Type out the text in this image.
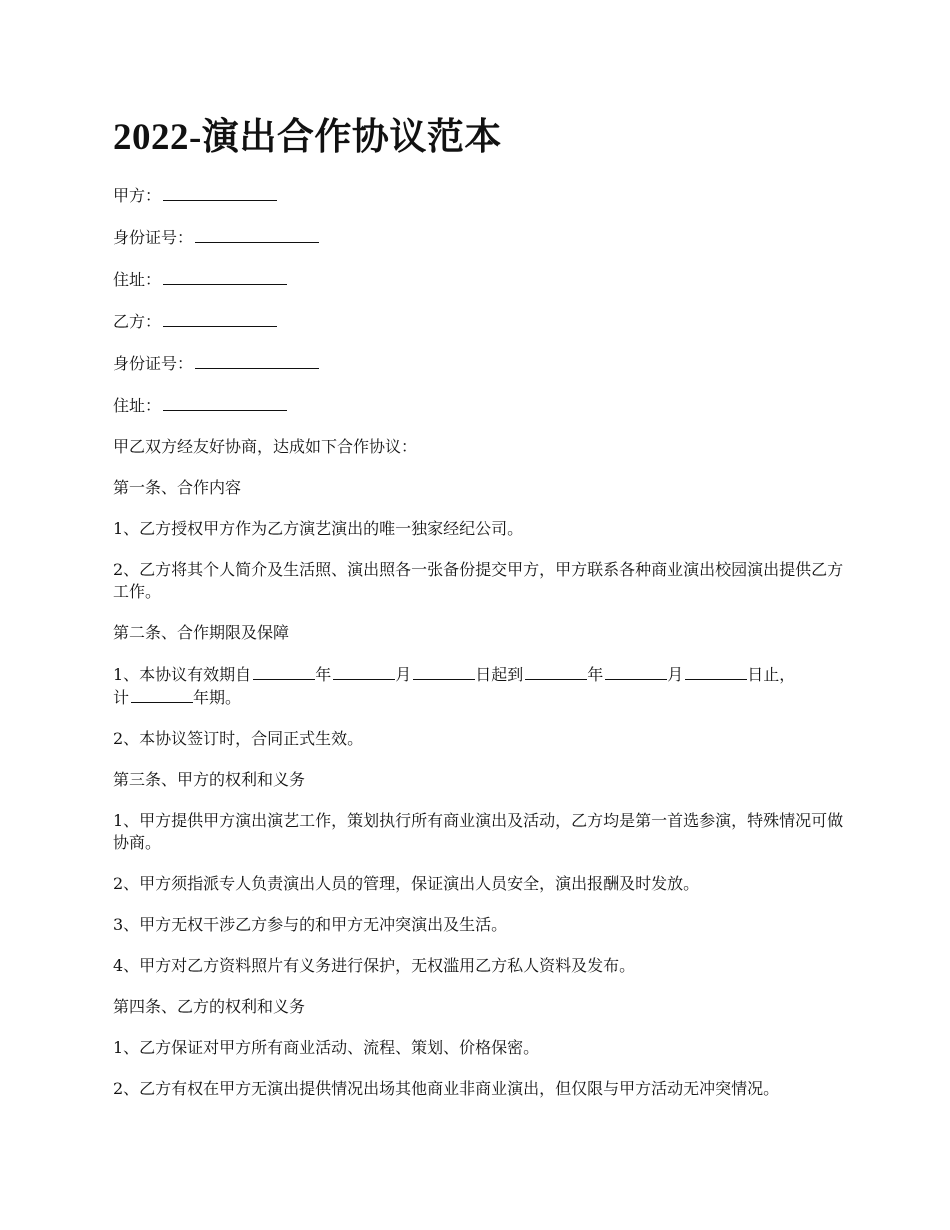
2022-演出合作协议范本
甲方：
身份证号：
住址：
乙方：
身份证号：
住址：
甲乙双方经友好协商，达成如下合作协议：
第一条、合作内容
1、乙方授权甲方作为乙方演艺演出的唯一独家经纪公司。
2、乙方将其个人简介及生活照、演出照各一张备份提交甲方，甲方联系各种商业演出校园演出提供乙方工作。
第二条、合作期限及保障
1、本协议有效期自	年	月	日起到	年	月	日止，
计	年期。
2、本协议签订时，合同正式生效。
第三条、甲方的权利和义务
1、甲方提供甲方演出演艺工作，策划执行所有商业演出及活动，乙方均是第一首选参演，特殊情况可做协商。
2、甲方须指派专人负责演出人员的管理，保证演出人员安全，演出报酬及时发放。
3、甲方无权干涉乙方参与的和甲方无冲突演出及生活。
4、甲方对乙方资料照片有义务进行保护，无权滥用乙方私人资料及发布。
第四条、乙方的权利和义务
1、乙方保证对甲方所有商业活动、流程、策划、价格保密。
2、乙方有权在甲方无演出提供情况出场其他商业非商业演出，但仅限与甲方活动无冲突情况。
